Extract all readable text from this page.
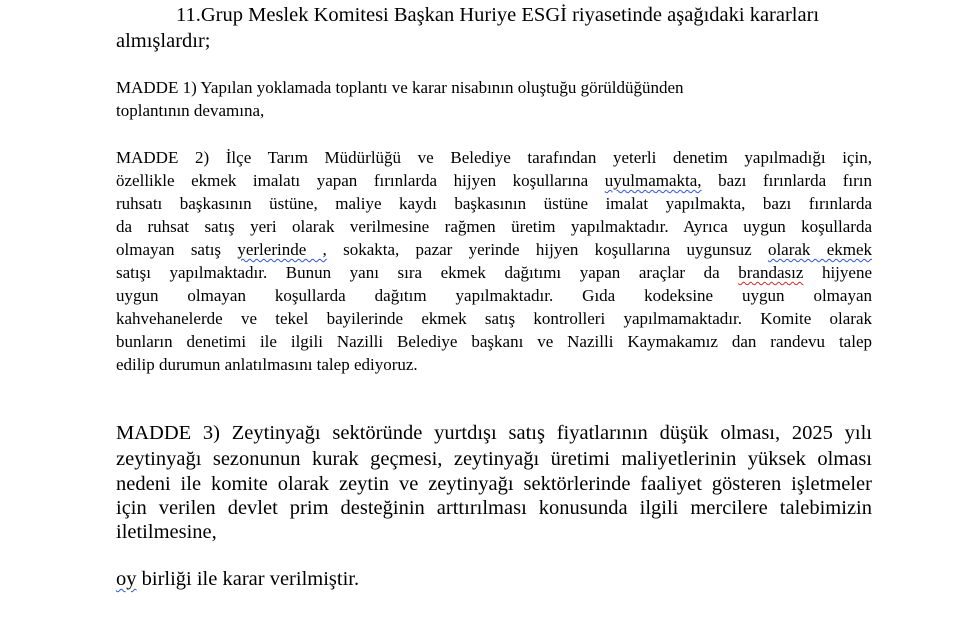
11.Grup Meslek Komitesi Başkan Huriye ESGİ riyasetinde aşağıdaki kararları
almışlardır;
MADDE 1) Yapılan yoklamada toplantı ve karar nisabının oluştuğu görüldüğünden
toplantının devamına,
MADDE 2) İlçe Tarım Müdürlüğü ve Belediye tarafından yeterli denetim yapılmadığı için,
özellikle ekmek imalatı yapan fırınlarda hijyen koşullarına uyulmamakta, bazı fırınlarda fırın
ruhsatı başkasının üstüne, maliye kaydı başkasının üstüne imalat yapılmakta, bazı fırınlarda
da ruhsat satış yeri olarak verilmesine rağmen üretim yapılmaktadır. Ayrıca uygun koşullarda
olmayan satış yerlerinde , sokakta, pazar yerinde hijyen koşullarına uygunsuz olarak ekmek
satışı yapılmaktadır. Bunun yanı sıra ekmek dağıtımı yapan araçlar da brandasız hijyene
uygun olmayan koşullarda dağıtım yapılmaktadır. Gıda kodeksine uygun olmayan
kahvehanelerde ve tekel bayilerinde ekmek satış kontrolleri yapılmamaktadır. Komite olarak
bunların denetimi ile ilgili Nazilli Belediye başkanı ve Nazilli Kaymakamız dan randevu talep
edilip durumun anlatılmasını talep ediyoruz.
MADDE 3) Zeytinyağı sektöründe yurtdışı satış fiyatlarının düşük olması, 2025 yılı
zeytinyağı sezonunun kurak geçmesi, zeytinyağı üretimi maliyetlerinin yüksek olması
nedeni ile komite olarak zeytin ve zeytinyağı sektörlerinde faaliyet gösteren işletmeler
için verilen devlet prim desteğinin arttırılması konusunda ilgili mercilere talebimizin
iletilmesine,
oy birliği ile karar verilmiştir.
